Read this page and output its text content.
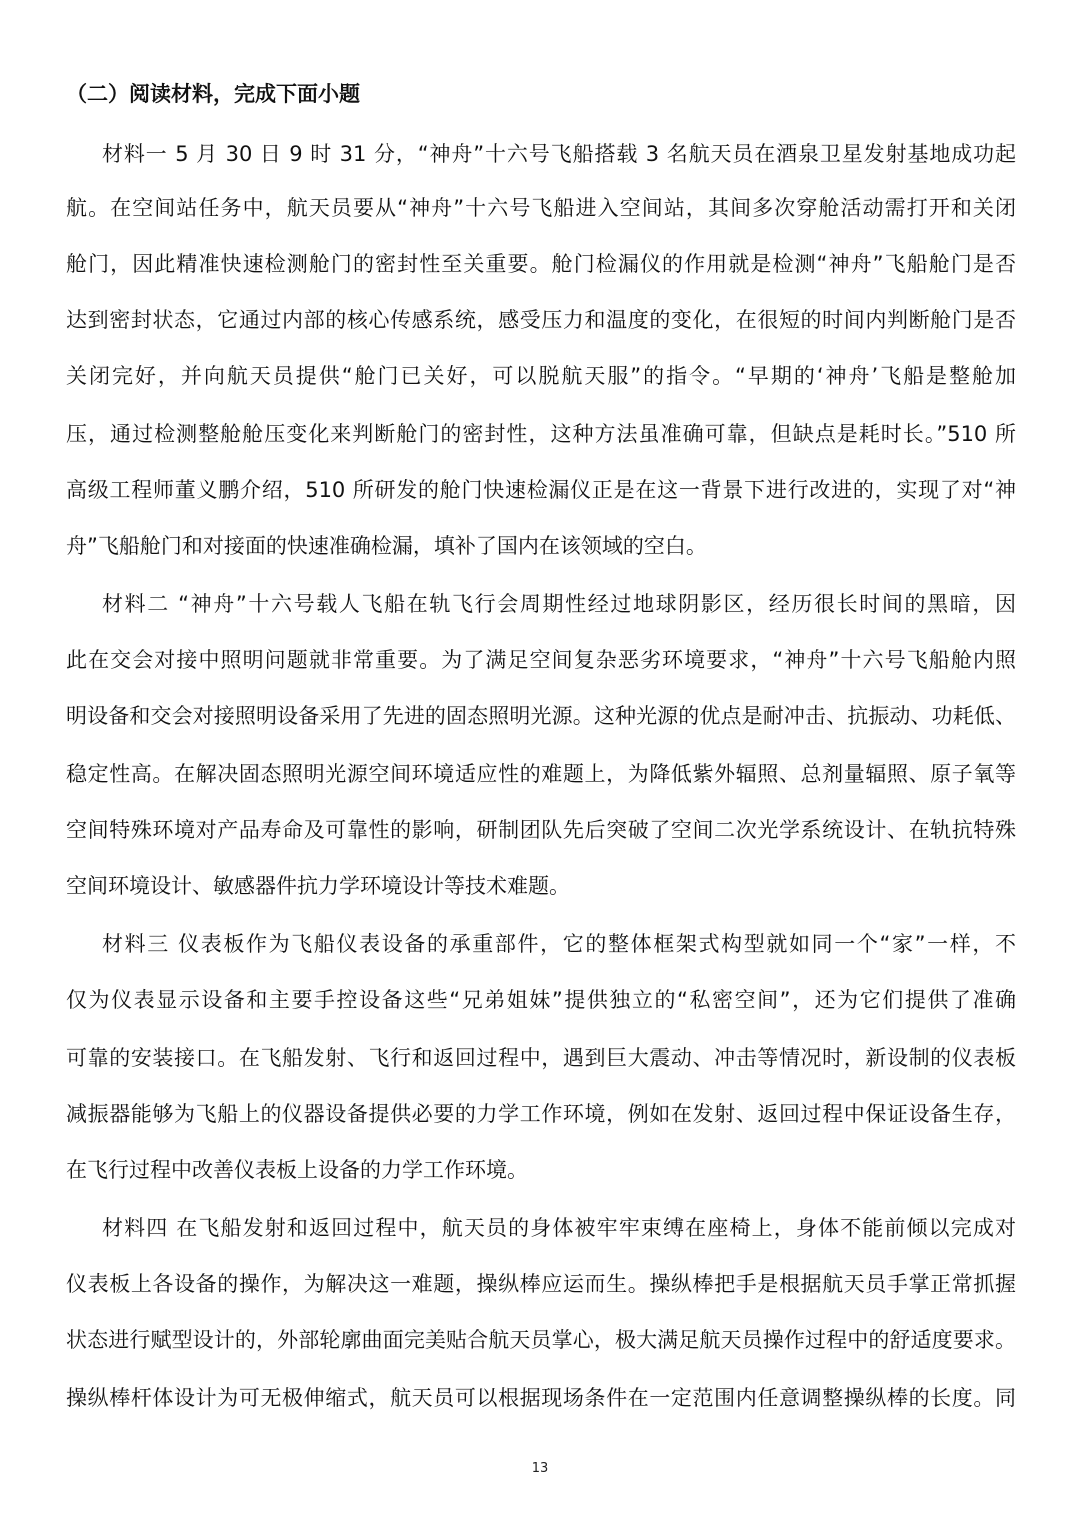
（二）阅读材料，完成下面小题
材料一 5 月 30 日 9 时 31 分，“神舟”十六号飞船搭载 3 名航天员在酒泉卫星发射基地成功起
航。在空间站任务中，航天员要从“神舟”十六号飞船进入空间站，其间多次穿舱活动需打开和关闭
舱门，因此精准快速检测舱门的密封性至关重要。舱门检漏仪的作用就是检测“神舟”飞船舱门是否
达到密封状态，它通过内部的核心传感系统，感受压力和温度的变化，在很短的时间内判断舱门是否
关闭完好，并向航天员提供“舱门已关好，可以脱航天服”的指令。“早期的‘神舟’飞船是整舱加
压，通过检测整舱舱压变化来判断舱门的密封性，这种方法虽准确可靠，但缺点是耗时长。”510 所
高级工程师董义鹏介绍，510 所研发的舱门快速检漏仪正是在这一背景下进行改进的，实现了对“神
舟”飞船舱门和对接面的快速准确检漏，填补了国内在该领域的空白。
材料二 “神舟”十六号载人飞船在轨飞行会周期性经过地球阴影区，经历很长时间的黑暗，因
此在交会对接中照明问题就非常重要。为了满足空间复杂恶劣环境要求，“神舟”十六号飞船舱内照
明设备和交会对接照明设备采用了先进的固态照明光源。这种光源的优点是耐冲击、抗振动、功耗低、
稳定性高。在解决固态照明光源空间环境适应性的难题上，为降低紫外辐照、总剂量辐照、原子氧等
空间特殊环境对产品寿命及可靠性的影响，研制团队先后突破了空间二次光学系统设计、在轨抗特殊
空间环境设计、敏感器件抗力学环境设计等技术难题。
材料三 仪表板作为飞船仪表设备的承重部件，它的整体框架式构型就如同一个“家”一样，不
仅为仪表显示设备和主要手控设备这些“兄弟姐妹”提供独立的“私密空间”，还为它们提供了准确
可靠的安装接口。在飞船发射、飞行和返回过程中，遇到巨大震动、冲击等情况时，新设制的仪表板
减振器能够为飞船上的仪器设备提供必要的力学工作环境，例如在发射、返回过程中保证设备生存，
在飞行过程中改善仪表板上设备的力学工作环境。
材料四 在飞船发射和返回过程中，航天员的身体被牢牢束缚在座椅上，身体不能前倾以完成对
仪表板上各设备的操作，为解决这一难题，操纵棒应运而生。操纵棒把手是根据航天员手掌正常抓握
状态进行赋型设计的，外部轮廓曲面完美贴合航天员掌心，极大满足航天员操作过程中的舒适度要求。
操纵棒杆体设计为可无极伸缩式，航天员可以根据现场条件在一定范围内任意调整操纵棒的长度。同
13
